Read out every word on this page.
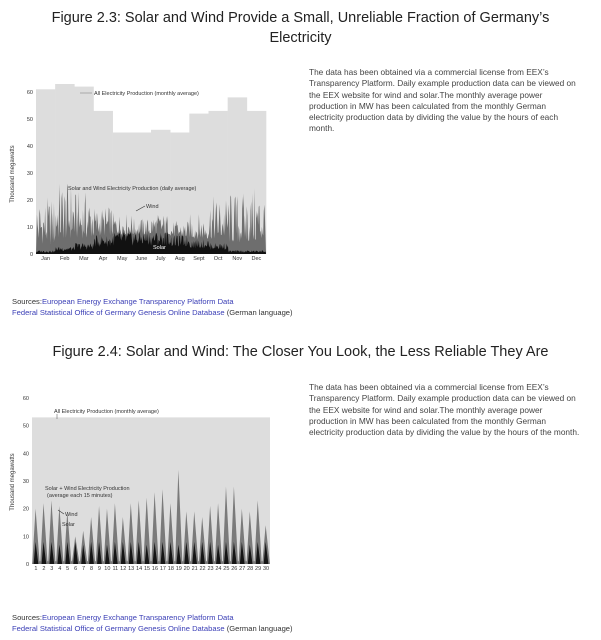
Figure 2.3: Solar and Wind Provide a Small, Unreliable Fraction of Germany’s Electricity
Thousand megawatts
0
10
20
30
40
50
60
Jan Feb Mar Apr May June July Aug Sept Oct Nov Dec
All Electricity Production (monthly average)
Solar and Wind Electricity Production (daily average)
Wind
Solar
The data has been obtained via a commercial license from EEX’s Transparency Platform. Daily example production data can be viewed on the EEX website for wind and solar.The monthly average power production in MW has been calculated from the monthly German electricity production data by dividing the value by the hours of each month.
Sources:European Energy Exchange Transparency Platform Data
Federal Statistical Office of Germany Genesis Online Database (German language)
Figure 2.4: Solar and Wind: The Closer You Look, the Less Reliable They Are
Thousand megawatts
0
10
20
30
40
50
60
1 2 3 4 5 6 7 8 9 10 11 12 13 14 15 16 17 18 19 20 21 22 23 24 25 26 27 28 29 30
All Electricity Production (monthly average)
Solar + Wind Electricity Production
(average each 15 minutes)
Wind
Solar
The data has been obtained via a commercial license from EEX’s Transparency Platform. Daily example production data can be viewed on the EEX website for wind and solar.The monthly average power production in MW has been calculated from the monthly German electricity production data by dividing the value by the hours of the month.
Sources:European Energy Exchange Transparency Platform Data
Federal Statistical Office of Germany Genesis Online Database (German language)
